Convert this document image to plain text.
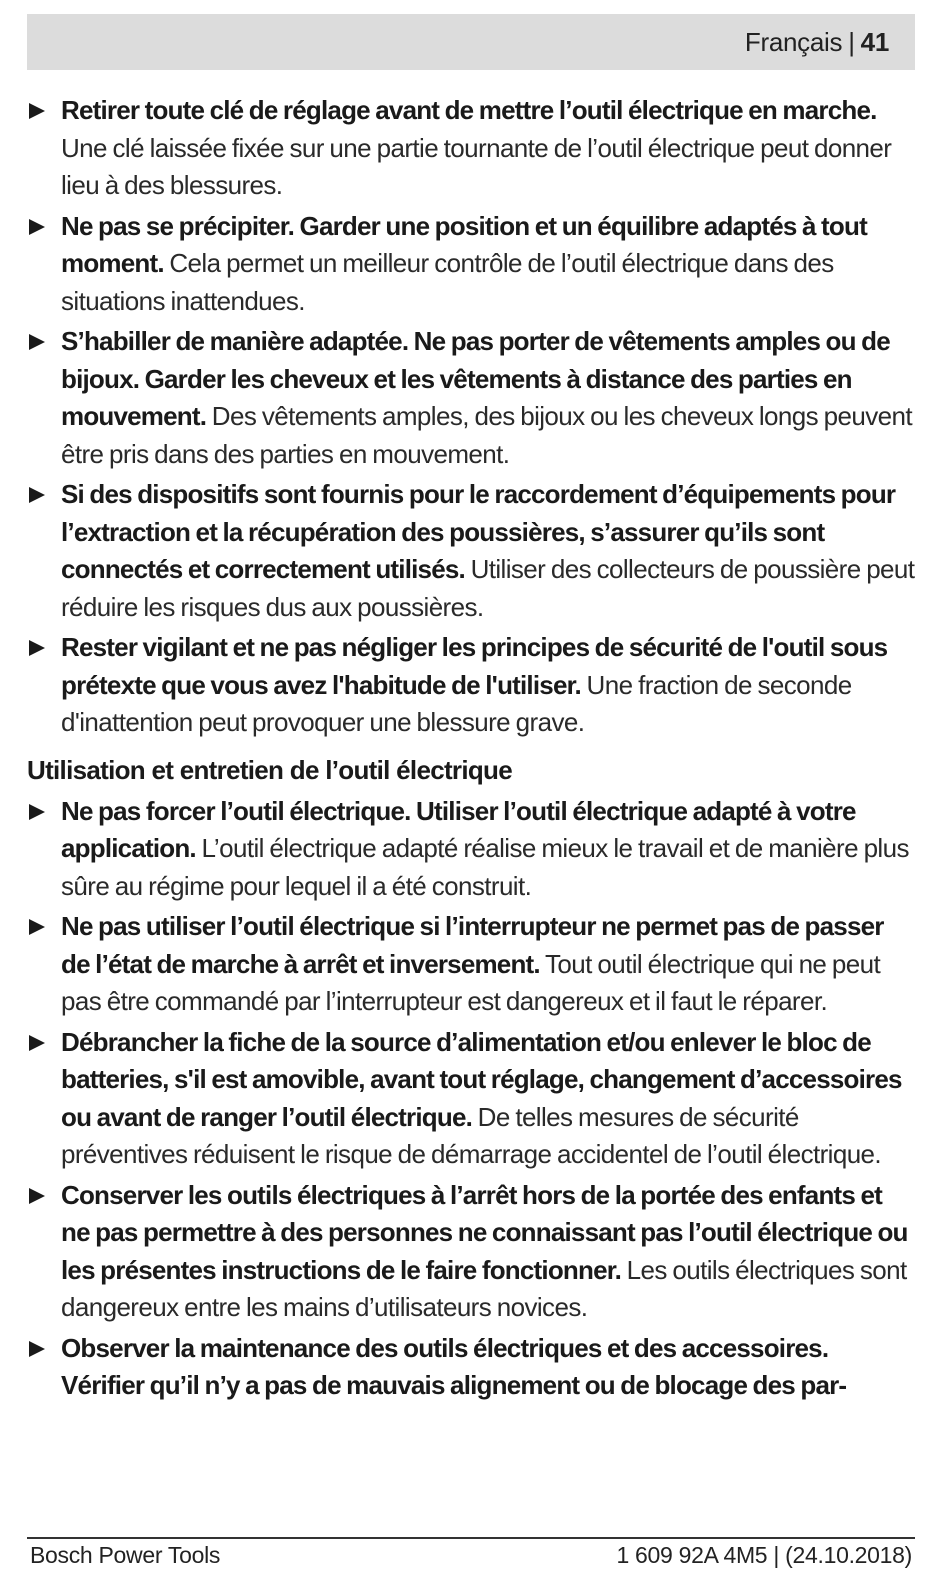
Français | 41
Retirer toute clé de réglage avant de mettre l’outil électrique en marche. Une clé laissée fixée sur une partie tournante de l’outil électrique peut donner lieu à des blessures.
Ne pas se précipiter. Garder une position et un équilibre adaptés à tout moment. Cela permet un meilleur contrôle de l’outil électrique dans des situations inattendues.
S’habiller de manière adaptée. Ne pas porter de vêtements amples ou de bijoux. Garder les cheveux et les vêtements à distance des parties en mouvement. Des vêtements amples, des bijoux ou les cheveux longs peuvent être pris dans des parties en mouvement.
Si des dispositifs sont fournis pour le raccordement d’équipements pour l’extraction et la récupération des poussières, s’assurer qu’ils sont connectés et correctement utilisés. Utiliser des collecteurs de poussière peut réduire les risques dus aux poussières.
Rester vigilant et ne pas négliger les principes de sécurité de l'outil sous prétexte que vous avez l'habitude de l'utiliser. Une fraction de seconde d'inattention peut provoquer une blessure grave.
Utilisation et entretien de l’outil électrique
Ne pas forcer l’outil électrique. Utiliser l’outil électrique adapté à votre application. L’outil électrique adapté réalise mieux le travail et de manière plus sûre au régime pour lequel il a été construit.
Ne pas utiliser l’outil électrique si l’interrupteur ne permet pas de passer de l’état de marche à arrêt et inversement. Tout outil électrique qui ne peut pas être commandé par l’interrupteur est dangereux et il faut le réparer.
Débrancher la fiche de la source d’alimentation et/ou enlever le bloc de batteries, s'il est amovible, avant tout réglage, changement d’accessoires ou avant de ranger l’outil électrique. De telles mesures de sécurité préventives réduisent le risque de démarrage accidentel de l’outil électrique.
Conserver les outils électriques à l’arrêt hors de la portée des enfants et ne pas permettre à des personnes ne connaissant pas l’outil électrique ou les présentes instructions de le faire fonctionner. Les outils électriques sont dangereux entre les mains d’utilisateurs novices.
Observer la maintenance des outils électriques et des accessoires. Vérifier qu’il n’y a pas de mauvais alignement ou de blocage des par-
Bosch Power Tools	1 609 92A 4M5 | (24.10.2018)
